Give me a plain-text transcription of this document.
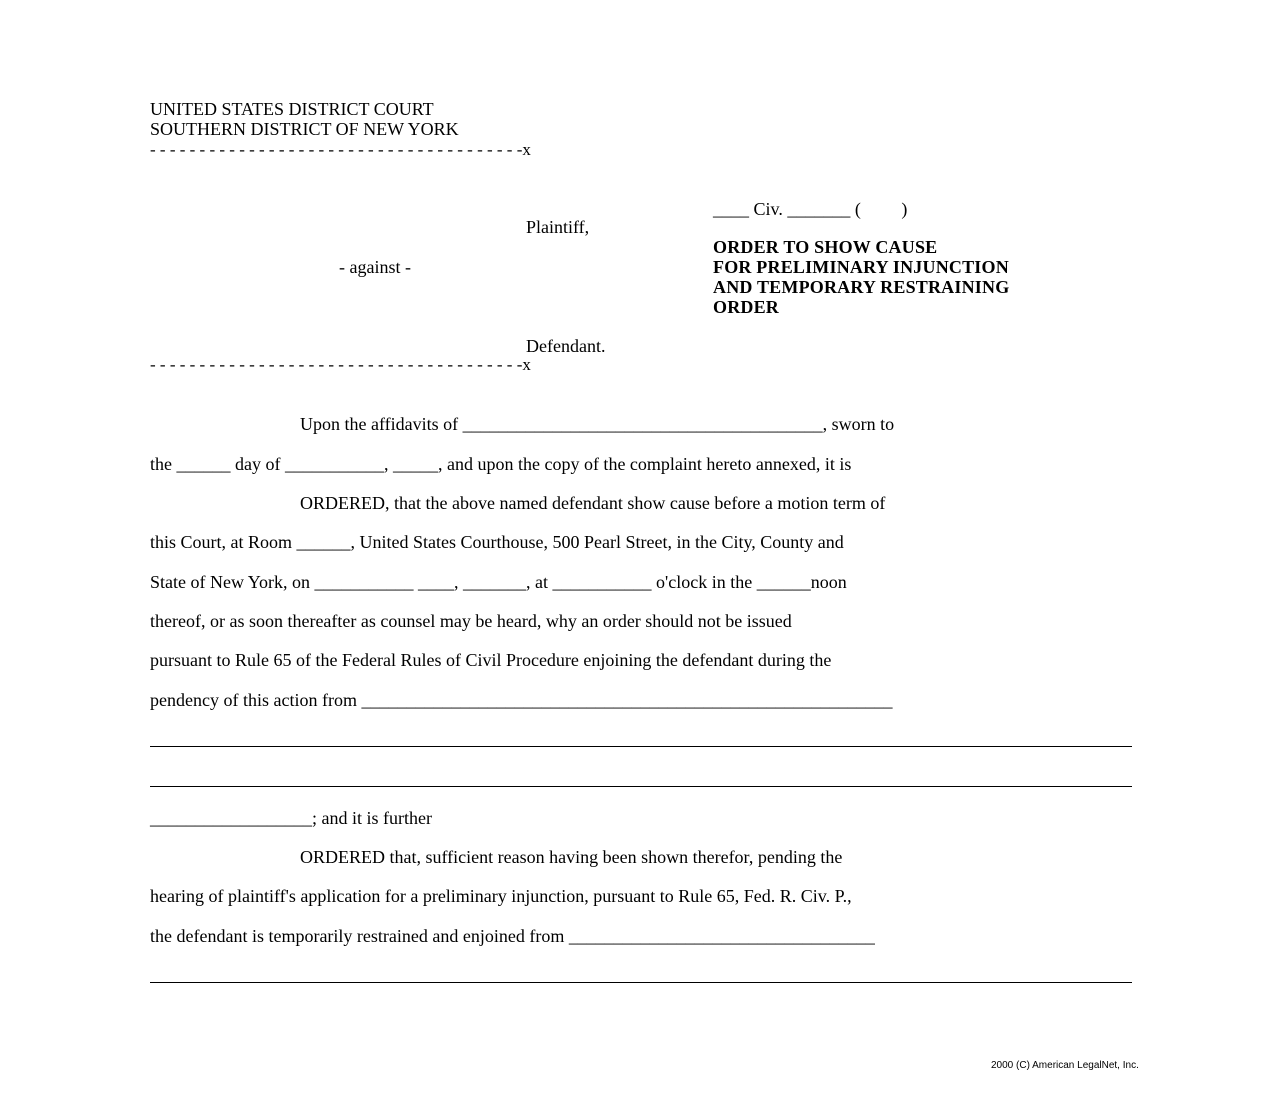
UNITED STATES DISTRICT COURT
SOUTHERN DISTRICT OF NEW YORK
- - - - - - - - - - - - - - - - - - - - - - - - - - - - - - - - - - - - - -x
____ Civ. _______ (         )
Plaintiff,
ORDER TO SHOW CAUSE
- against -	FOR PRELIMINARY INJUNCTION
AND TEMPORARY RESTRAINING
ORDER
Defendant.
- - - - - - - - - - - - - - - - - - - - - - - - - - - - - - - - - - - - - -x
Upon the affidavits of ________________________________________, sworn to
the ______ day of ___________, _____, and upon the copy of the complaint hereto annexed, it is
ORDERED, that the above named defendant show cause before a motion term of
this Court, at Room ______, United States Courthouse, 500 Pearl Street, in the City, County and
State of New York, on ___________ ____, _______, at ___________ o'clock in the ______noon
thereof, or as soon thereafter as counsel may be heard, why an order should not be issued
pursuant to Rule 65 of the Federal Rules of Civil Procedure enjoining the defendant during the
pendency of this action from ___________________________________________________________
__________________; and it is further
ORDERED that, sufficient reason having been shown therefor, pending the
hearing of plaintiff's application for a preliminary injunction, pursuant to Rule 65, Fed. R. Civ. P.,
the defendant is temporarily restrained and enjoined from __________________________________
2000 (C) American LegalNet, Inc.
